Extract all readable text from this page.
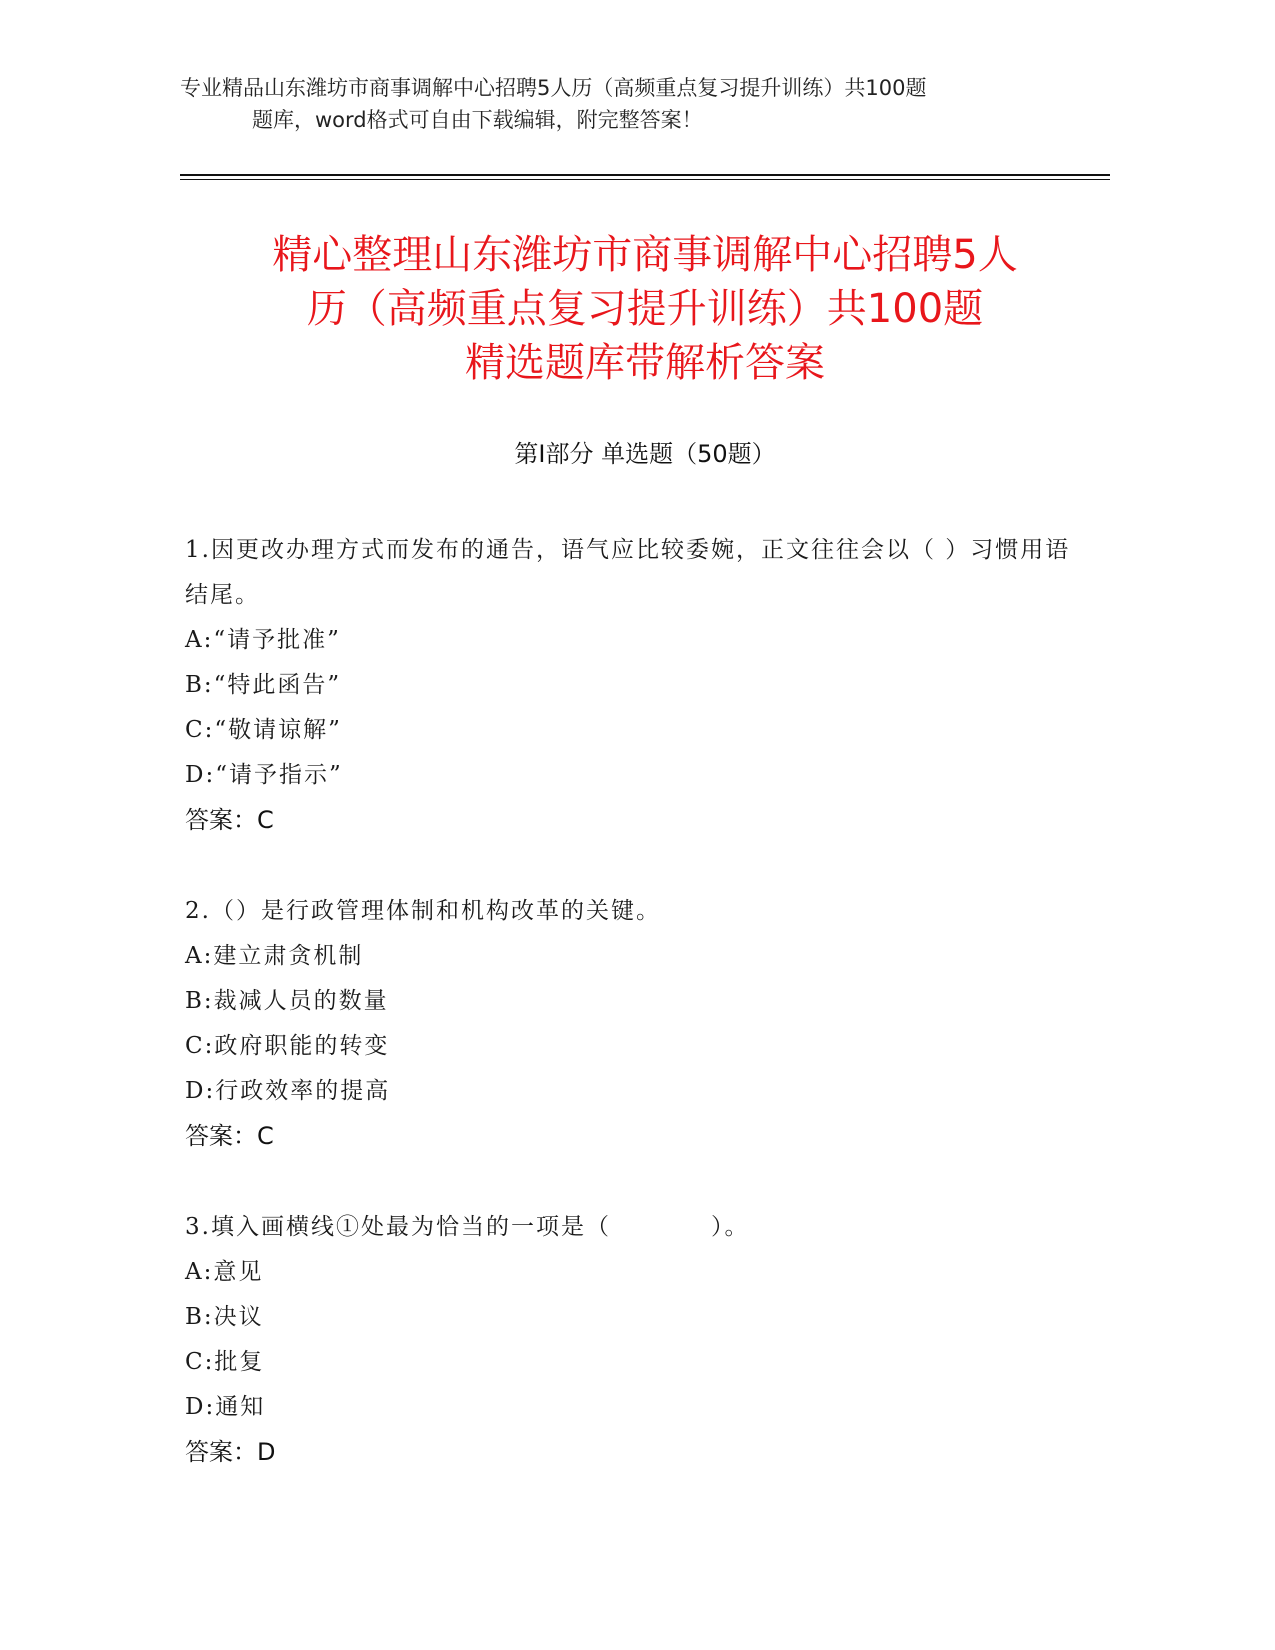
专业精品山东潍坊市商事调解中心招聘5人历（高频重点复习提升训练）共100题
题库，word格式可自由下载编辑，附完整答案！
精心整理山东潍坊市商事调解中心招聘5人
历（高频重点复习提升训练）共100题
精选题库带解析答案
第I部分 单选题（50题）
1.因更改办理方式而发布的通告，语气应比较委婉，正文往往会以（ ）习惯用语结尾。
A:“请予批准”
B:“特此函告”
C:“敬请谅解”
D:“请予指示”
答案：C
2.（）是行政管理体制和机构改革的关键。
A:建立肃贪机制
B:裁减人员的数量
C:政府职能的转变
D:行政效率的提高
答案：C
3.填入画横线①处最为恰当的一项是（　　　　）。
A:意见
B:决议
C:批复
D:通知
答案：D
